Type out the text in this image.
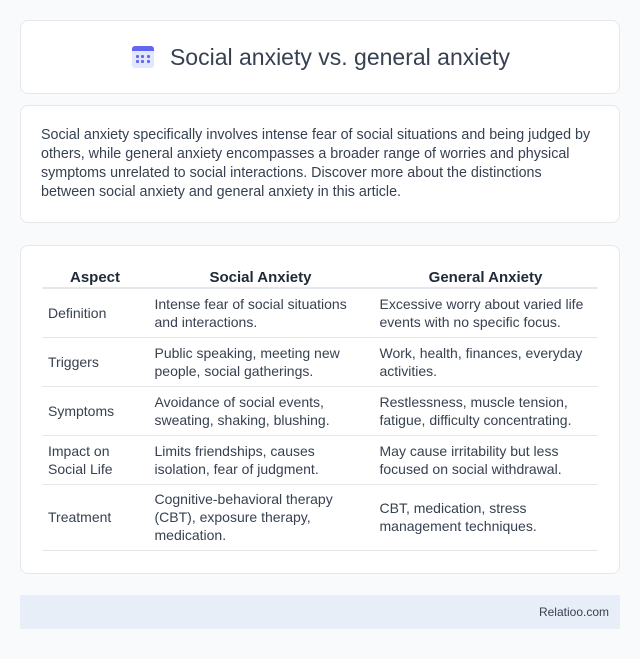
Social anxiety vs. general anxiety

Social anxiety specifically involves intense fear of social situations and being judged by others, while general anxiety encompasses a broader range of worries and physical symptoms unrelated to social interactions. Discover more about the distinctions between social anxiety and general anxiety in this article.

Aspect	Social Anxiety	General Anxiety
Definition	Intense fear of social situations and interactions.	Excessive worry about varied life events with no specific focus.
Triggers	Public speaking, meeting new people, social gatherings.	Work, health, finances, everyday activities.
Symptoms	Avoidance of social events, sweating, shaking, blushing.	Restlessness, muscle tension, fatigue, difficulty concentrating.
Impact on Social Life	Limits friendships, causes isolation, fear of judgment.	May cause irritability but less focused on social withdrawal.
Treatment	Cognitive-behavioral therapy (CBT), exposure therapy, medication.	CBT, medication, stress management techniques.
Relatioo.com
